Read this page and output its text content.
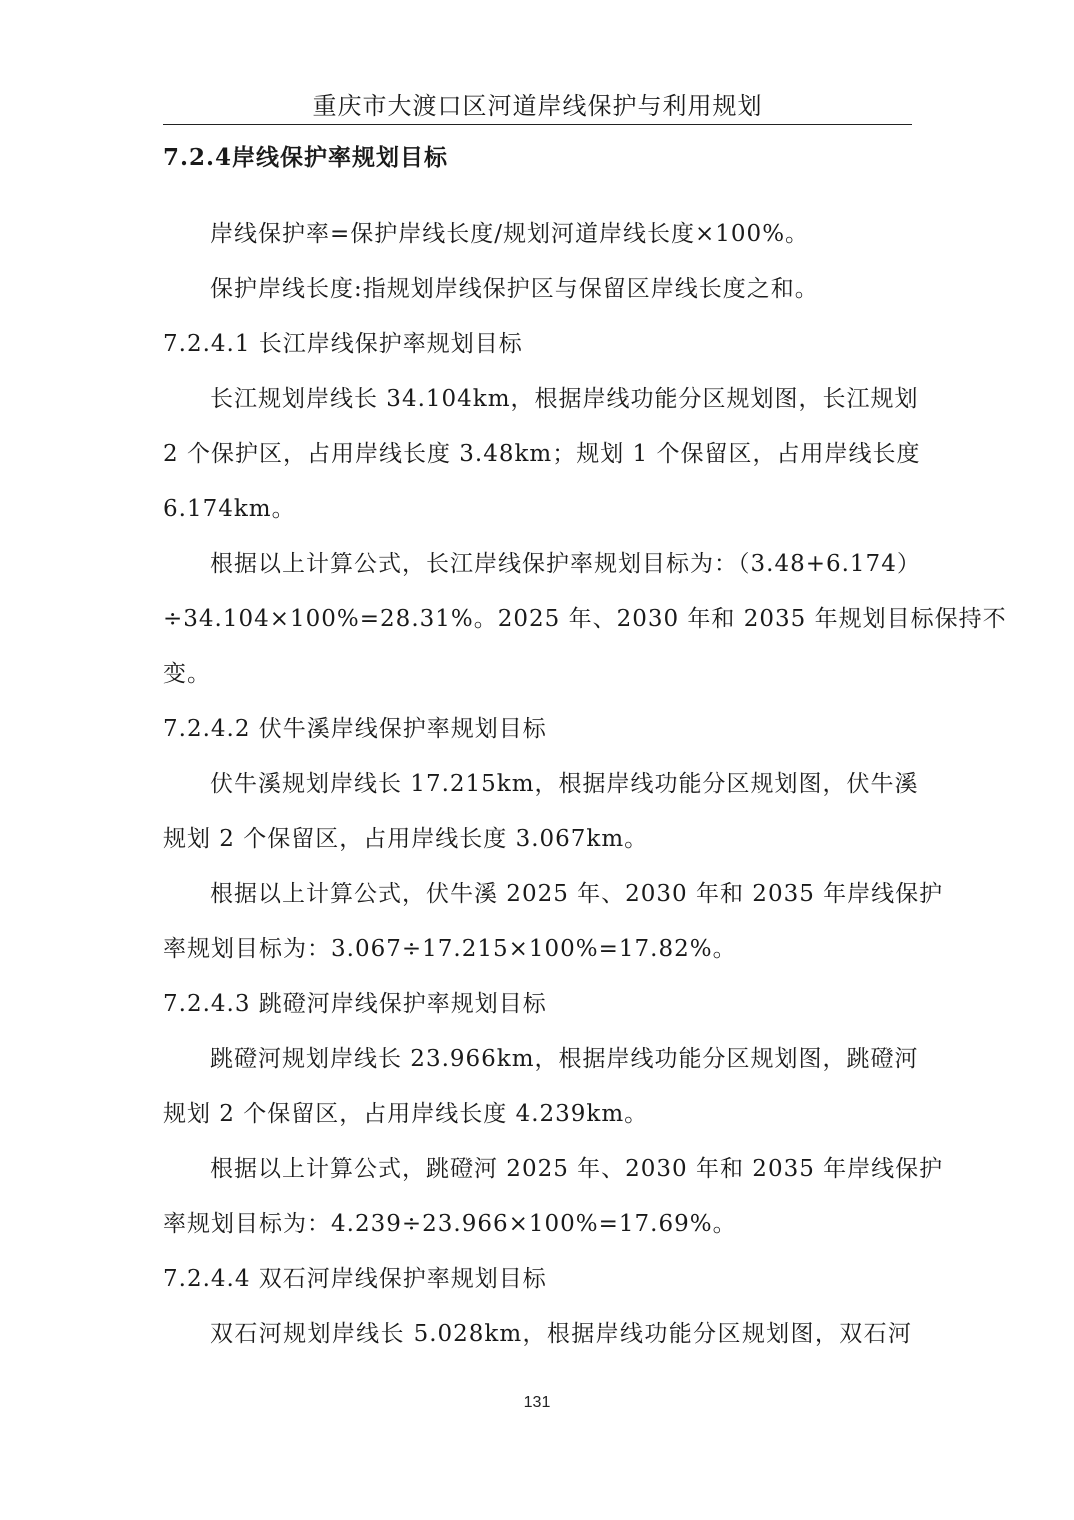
重庆市大渡口区河道岸线保护与利用规划
7.2.4岸线保护率规划目标
岸线保护率=保护岸线长度/规划河道岸线长度×100%。
保护岸线长度:指规划岸线保护区与保留区岸线长度之和。
7.2.4.1 长江岸线保护率规划目标
长江规划岸线长 34.104km，根据岸线功能分区规划图，长江规划
2 个保护区，占用岸线长度 3.48km；规划 1 个保留区，占用岸线长度
6.174km。
根据以上计算公式，长江岸线保护率规划目标为：（3.48+6.174）
÷34.104×100%=28.31%。2025 年、2030 年和 2035 年规划目标保持不
变。
7.2.4.2 伏牛溪岸线保护率规划目标
伏牛溪规划岸线长 17.215km，根据岸线功能分区规划图，伏牛溪
规划 2 个保留区，占用岸线长度 3.067km。
根据以上计算公式，伏牛溪 2025 年、2030 年和 2035 年岸线保护
率规划目标为：3.067÷17.215×100%=17.82%。
7.2.4.3 跳磴河岸线保护率规划目标
跳磴河规划岸线长 23.966km，根据岸线功能分区规划图，跳磴河
规划 2 个保留区，占用岸线长度 4.239km。
根据以上计算公式，跳磴河 2025 年、2030 年和 2035 年岸线保护
率规划目标为：4.239÷23.966×100%=17.69%。
7.2.4.4 双石河岸线保护率规划目标
双石河规划岸线长 5.028km，根据岸线功能分区规划图，双石河
131
